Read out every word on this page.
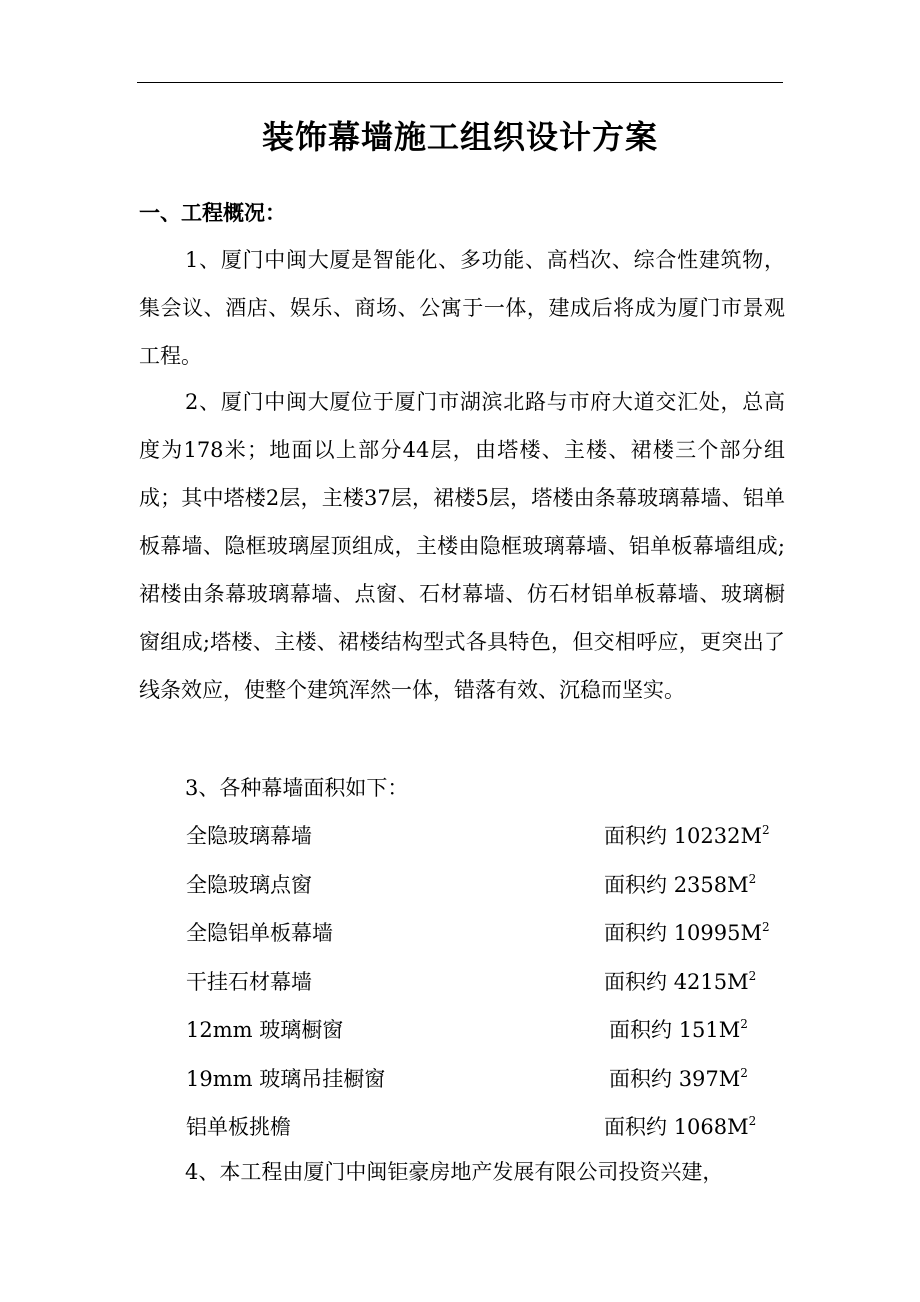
装饰幕墙施工组织设计方案
一、工程概况：

1、厦门中闽大厦是智能化、多功能、高档次、综合性建筑物，集会议、酒店、娱乐、商场、公寓于一体，建成后将成为厦门市景观工程。

2、厦门中闽大厦位于厦门市湖滨北路与市府大道交汇处，总高度为178米；地面以上部分44层，由塔楼、主楼、裙楼三个部分组成；其中塔楼2层，主楼37层，裙楼5层，塔楼由条幕玻璃幕墙、铝单板幕墙、隐框玻璃屋顶组成，主楼由隐框玻璃幕墙、铝单板幕墙组成;裙楼由条幕玻璃幕墙、点窗、石材幕墙、仿石材铝单板幕墙、玻璃橱窗组成;塔楼、主楼、裙楼结构型式各具特色，但交相呼应，更突出了线条效应，使整个建筑浑然一体，错落有效、沉稳而坚实。

3、各种幕墙面积如下：

全隐玻璃幕墙	面积约 $10232M^2$
全隐玻璃点窗	面积约 $2358M^2$
全隐铝单板幕墙	面积约 $10995M^2$
干挂石材幕墙	面积约 $4215M^2$
12mm 玻璃橱窗	面积约 $151M^2$
19mm 玻璃吊挂橱窗	面积约 $397M^2$
铝单板挑檐	面积约 $1068M^2$

4、本工程由厦门中闽钜豪房地产发展有限公司投资兴建，
